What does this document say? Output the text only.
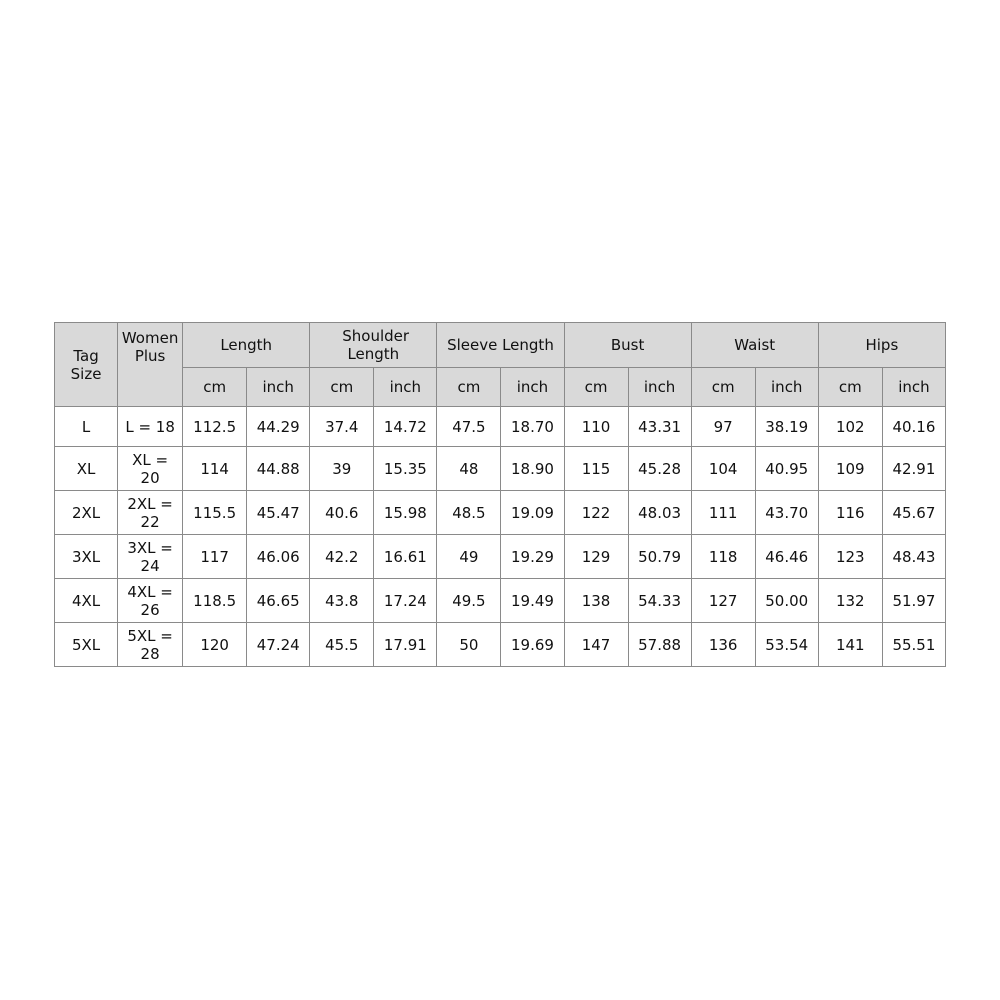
Tag Size	Women Plus	Length		Shoulder Length		Sleeve Length		Bust		Waist		Hips	
		cm	inch	cm	inch	cm	inch	cm	inch	cm	inch	cm	inch
L	L = 18	112.5	44.29	37.4	14.72	47.5	18.70	110	43.31	97	38.19	102	40.16
XL	XL = 20	114	44.88	39	15.35	48	18.90	115	45.28	104	40.95	109	42.91
2XL	2XL = 22	115.5	45.47	40.6	15.98	48.5	19.09	122	48.03	111	43.70	116	45.67
3XL	3XL = 24	117	46.06	42.2	16.61	49	19.29	129	50.79	118	46.46	123	48.43
4XL	4XL = 26	118.5	46.65	43.8	17.24	49.5	19.49	138	54.33	127	50.00	132	51.97
5XL	5XL = 28	120	47.24	45.5	17.91	50	19.69	147	57.88	136	53.54	141	55.51
